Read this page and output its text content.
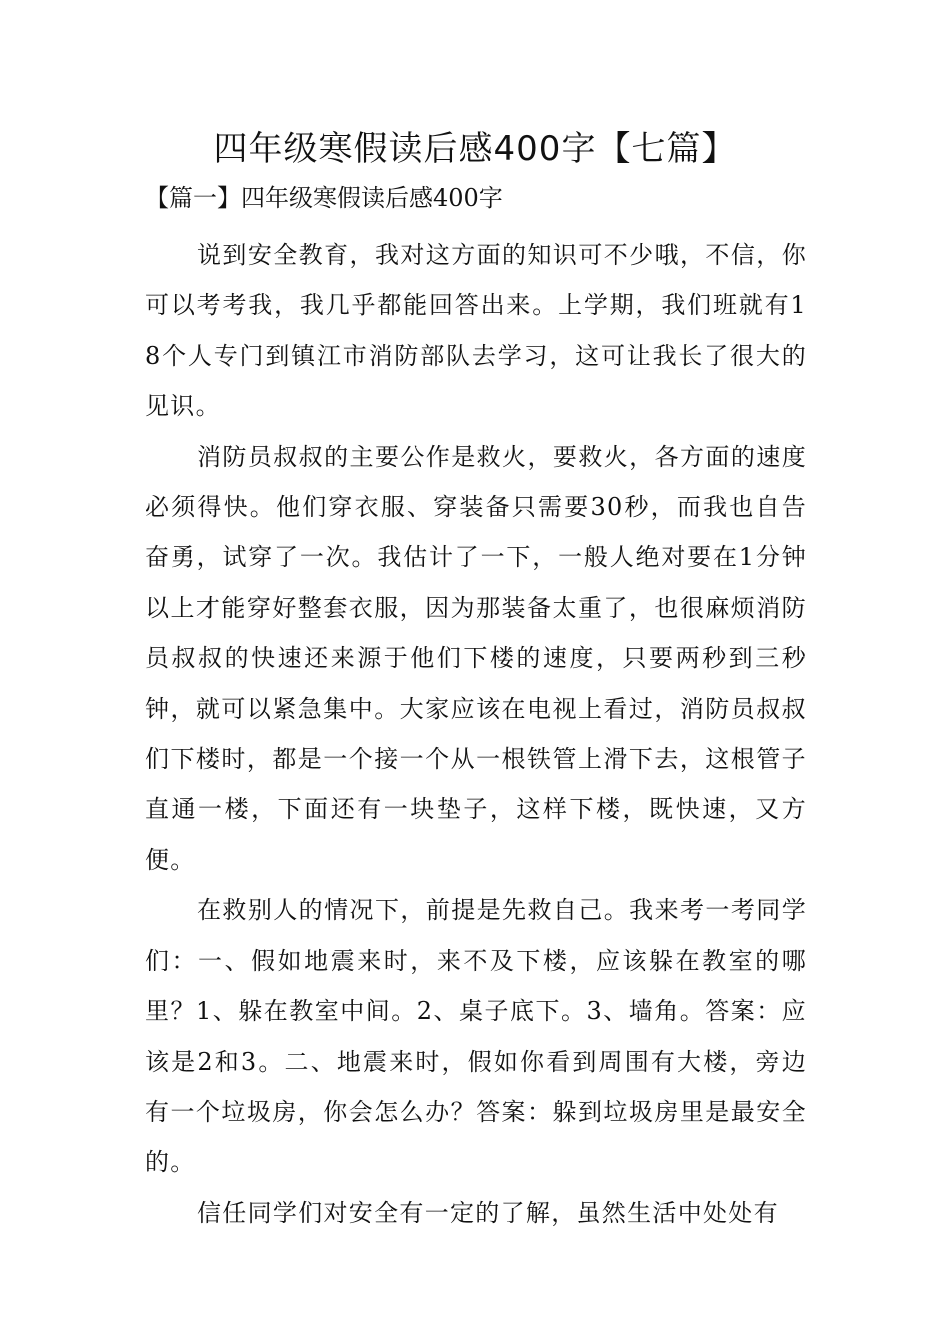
四年级寒假读后感400字【七篇】

【篇一】四年级寒假读后感400字

说到安全教育，我对这方面的知识可不少哦，不信，你可以考考我，我几乎都能回答出来。上学期，我们班就有18个人专门到镇江市消防部队去学习，这可让我长了很大的见识。

消防员叔叔的主要公作是救火，要救火，各方面的速度必须得快。他们穿衣服、穿装备只需要30秒，而我也自告奋勇，试穿了一次。我估计了一下，一般人绝对要在1分钟以上才能穿好整套衣服，因为那装备太重了，也很麻烦消防员叔叔的快速还来源于他们下楼的速度，只要两秒到三秒钟，就可以紧急集中。大家应该在电视上看过，消防员叔叔们下楼时，都是一个接一个从一根铁管上滑下去，这根管子直通一楼，下面还有一块垫子，这样下楼，既快速，又方便。

在救别人的情况下，前提是先救自己。我来考一考同学们：一、假如地震来时，来不及下楼，应该躲在教室的哪里？1、躲在教室中间。2、桌子底下。3、墙角。答案：应该是2和3。二、地震来时，假如你看到周围有大楼，旁边有一个垃圾房，你会怎么办？答案：躲到垃圾房里是最安全的。

信任同学们对安全有一定的了解，虽然生活中处处有
